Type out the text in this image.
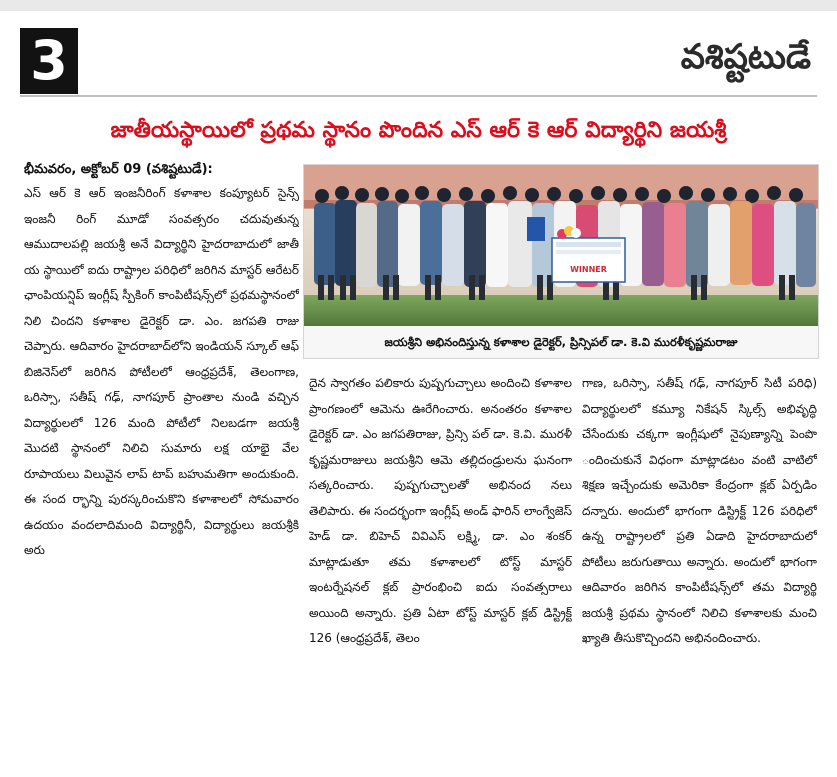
3	వశిష్టటుడే
జాతీయస్థాయిలో ప్రథమ స్థానం పొందిన ఎస్ ఆర్ కె ఆర్ విద్యార్థిని జయశ్రీ
భీమవరం, అక్టోబర్ 09 (వశిష్టటుడే):
ఎస్ ఆర్ కె ఆర్ ఇంజనీరింగ్ కళాశాల కంప్యూటర్ సైన్స్ ఇంజనీ రింగ్ మూడో సంవత్సరం చదువుతున్న ఆముదాలపల్లి జయశ్రీ అనే విద్యార్థిని హైదరాబాదులో జాతీ య స్థాయిలో ఐదు రాష్ట్రాల పరిధిలో జరిగిన మాస్టర్ ఆరేటర్ ఛాంపియన్షిప్ ఇంగ్లీష్ స్పీకింగ్ కాంపిటీషన్స్‌లో ప్రథమస్థానంలో నిలి చిందని కళాశాల డైరెక్టర్ డా. ఎం. జగపతి రాజు చెప్పారు. ఆదివారం హైదరాబాద్‌లోని ఇండియన్ స్కూల్ ఆఫ్ బిజినెస్‌లో జరిగిన పోటీలలో ఆంధ్రప్రదేశ్, తెలంగాణ, ఒరిస్సా, సతీష్ గఢ్, నాగపూర్ ప్రాంతాల నుండి వచ్చిన విద్యార్థులలో 126 మంది పోటీలో నిలబడగా జయశ్రీ మొదటి స్థానంలో నిలిచి సుమారు లక్ష యాభై వేల రూపాయలు విలువైన లాప్ టాప్ బహుమతిగా అందుకుంది. ఈ సంద ర్భాన్ని పురస్కరించుకొని కళాశాలలో సోమవారం ఉదయం వందలాదిమంది విద్యార్థినీ, విద్యార్థులు జయశ్రీకి అరు
WINNER
జయశ్రీని అభినందిస్తున్న కళాశాల డైరెక్టర్, ప్రిన్సిపల్ డా. కె.వి మురళీకృష్ణమరాజు
దైన స్వాగతం పలికారు పుష్పగుచ్చాలు అందించి కళాశాల ప్రాంగణంలో ఆమెను ఊరేగించారు. అనంతరం కళాశాల డైరెక్టర్ డా. ఎం జగపతిరాజు, ప్రిన్సి పల్ డా. కె.వి. మురళీ కృష్ణమరాజులు జయశ్రీని ఆమె తల్లిదండ్రులను ఘనంగా సత్కరించారు. పుష్పగుచ్చాలతో అభినంద నలు తెలిపారు. ఈ సందర్భంగా ఇంగ్లీష్ అండ్ ఫారిన్ లాంగ్వేజెస్ హెడ్ డా. బిహెచ్ వివిఎస్ లక్ష్మి, డా. ఎం శంకర్ మాట్లాడుతూ తమ కళాశాలలో టోస్ట్ మాస్టర్ ఇంటర్నేషనల్ క్లబ్ ప్రారంభించి ఐదు సంవత్సరాలు అయింది అన్నారు. ప్రతి ఏటా టోస్ట్ మాస్టర్ క్లబ్ డిస్ట్రిక్ట్ 126 (ఆంధ్రప్రదేశ్, తెలం
గాణ, ఒరిస్సా, సతీష్ గఢ్, నాగపూర్ సిటీ పరిధి) విద్యార్థులలో కమ్యూ నికేషన్ స్కిల్స్ అభివృద్ధి చేసేందుకు చక్కగా ఇంగ్లీషులో నైపుణ్యాన్ని పెంపొ ందించుకునే విధంగా మాట్లాడటం వంటి వాటిలో శిక్షణ ఇచ్చేందుకు అమెరికా కేంద్రంగా క్లబ్ ఏర్పడిం దన్నారు. అందులో భాగంగా డిస్ట్రిక్ట్ 126 పరిధిలో ఉన్న రాష్ట్రాలలో ప్రతి ఏడాది హైదరాబాదులో పోటీలు జరుగుతాయి అన్నారు. అందులో భాగంగా ఆదివారం జరిగిన కాంపిటీషన్స్‌లో తమ విద్యార్థి జయశ్రీ ప్రథమ స్థానంలో నిలిచి కళాశాలకు మంచి ఖ్యాతి తీసుకొచ్చిందని అభినందించారు.
